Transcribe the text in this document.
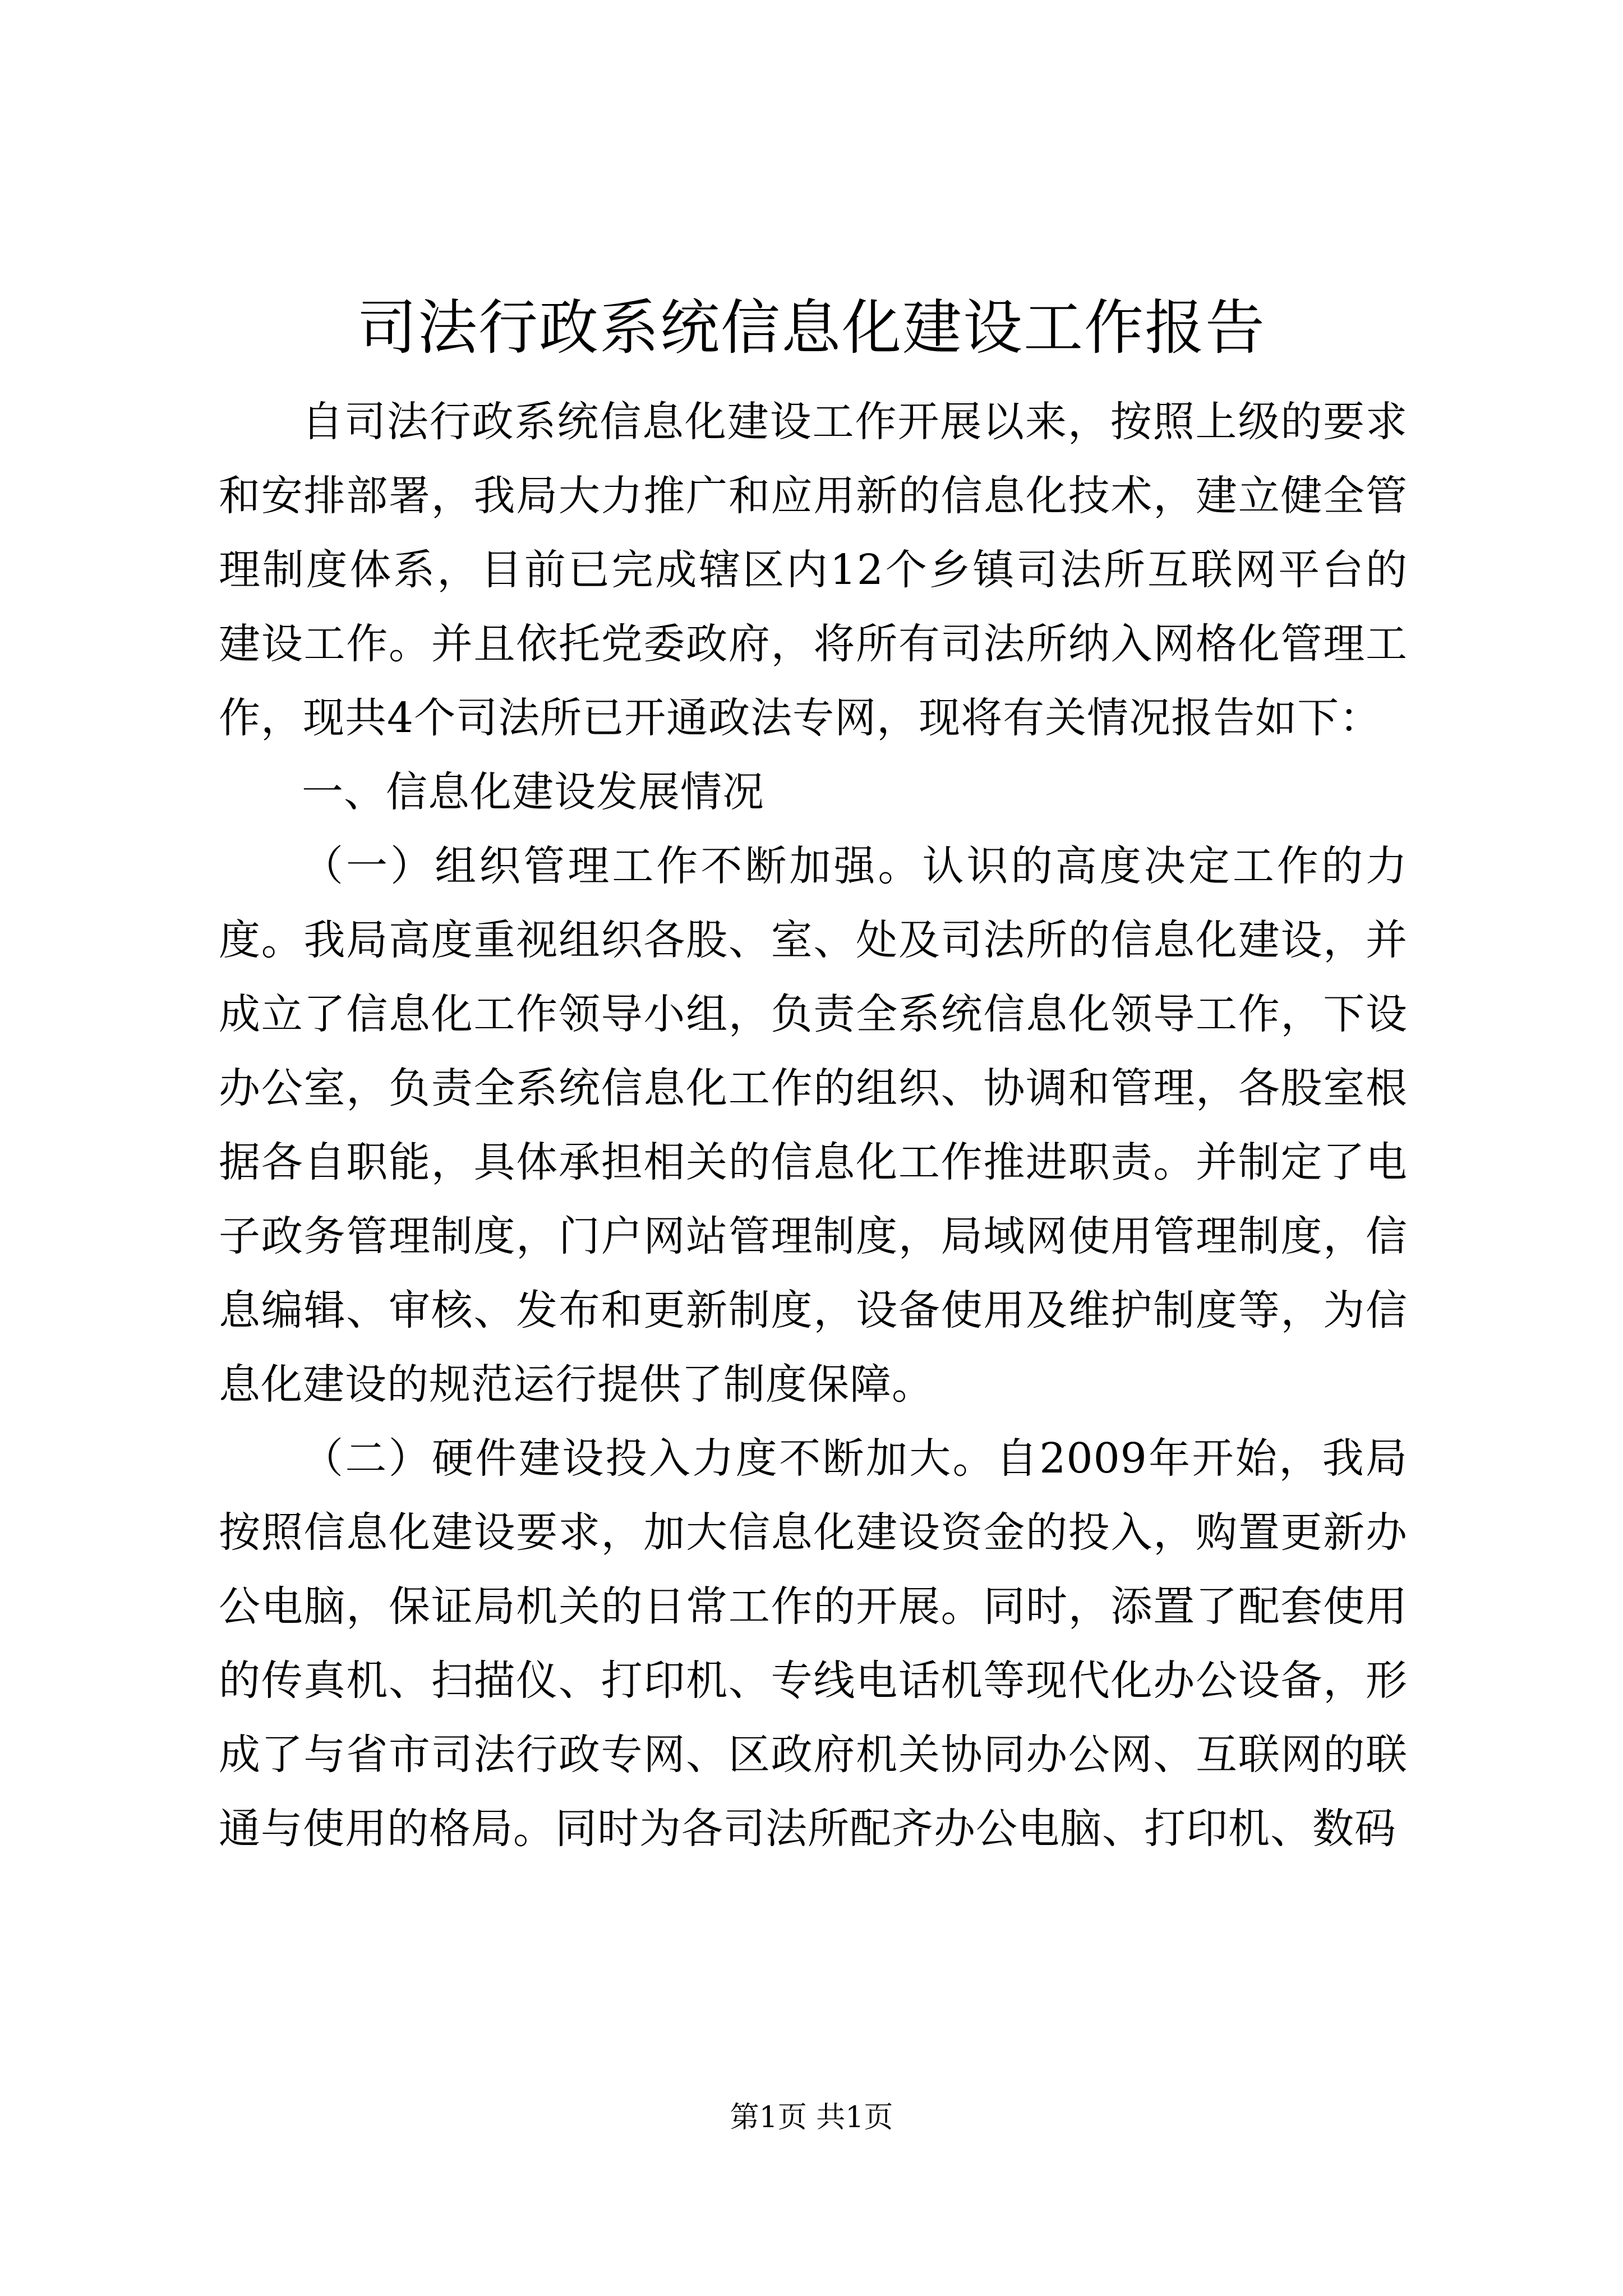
司法行政系统信息化建设工作报告

自司法行政系统信息化建设工作开展以来，按照上级的要求和安排部署，我局大力推广和应用新的信息化技术，建立健全管理制度体系，目前已完成辖区内12个乡镇司法所互联网平台的建设工作。并且依托党委政府，将所有司法所纳入网格化管理工作，现共4个司法所已开通政法专网，现将有关情况报告如下：

一、信息化建设发展情况

（一）组织管理工作不断加强。认识的高度决定工作的力度。我局高度重视组织各股、室、处及司法所的信息化建设，并成立了信息化工作领导小组，负责全系统信息化领导工作，下设办公室，负责全系统信息化工作的组织、协调和管理，各股室根据各自职能，具体承担相关的信息化工作推进职责。并制定了电子政务管理制度，门户网站管理制度，局域网使用管理制度，信息编辑、审核、发布和更新制度，设备使用及维护制度等，为信息化建设的规范运行提供了制度保障。

（二）硬件建设投入力度不断加大。自2009年开始，我局按照信息化建设要求，加大信息化建设资金的投入，购置更新办公电脑，保证局机关的日常工作的开展。同时，添置了配套使用的传真机、扫描仪、打印机、专线电话机等现代化办公设备，形成了与省市司法行政专网、区政府机关协同办公网、互联网的联通与使用的格局。同时为各司法所配齐办公电脑、打印机、数码

第1页 共1页
